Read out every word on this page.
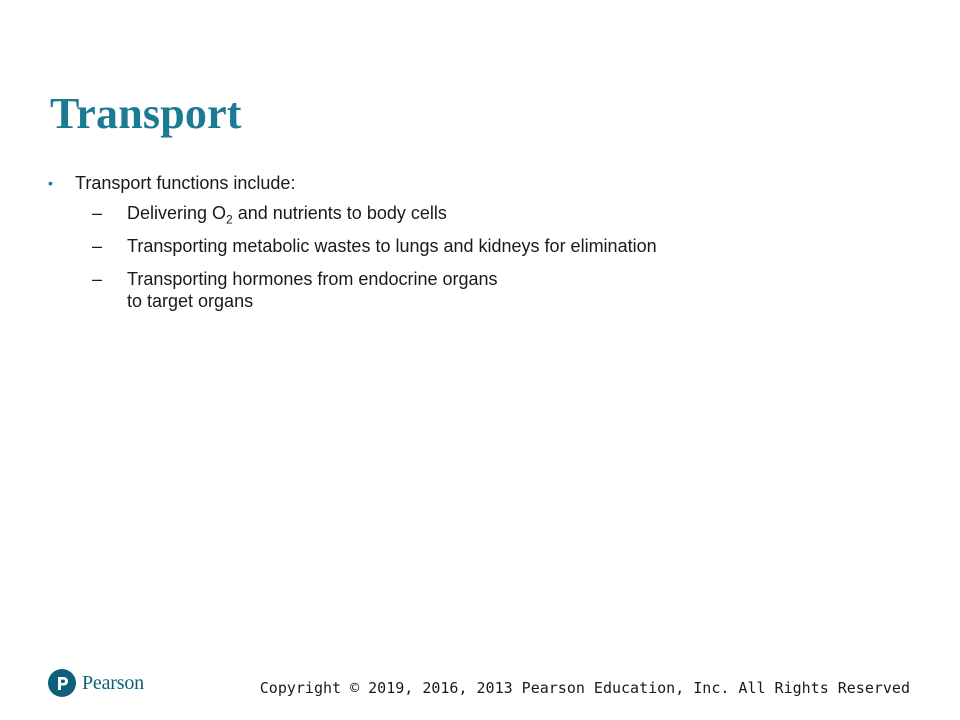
Transport
•	Transport functions include:
–	Delivering $O_2$ and nutrients to body cells
–	Transporting metabolic wastes to lungs and kidneys for elimination
–	Transporting hormones from endocrine organs to target organs
Pearson	Copyright © 2019, 2016, 2013 Pearson Education, Inc. All Rights Reserved
